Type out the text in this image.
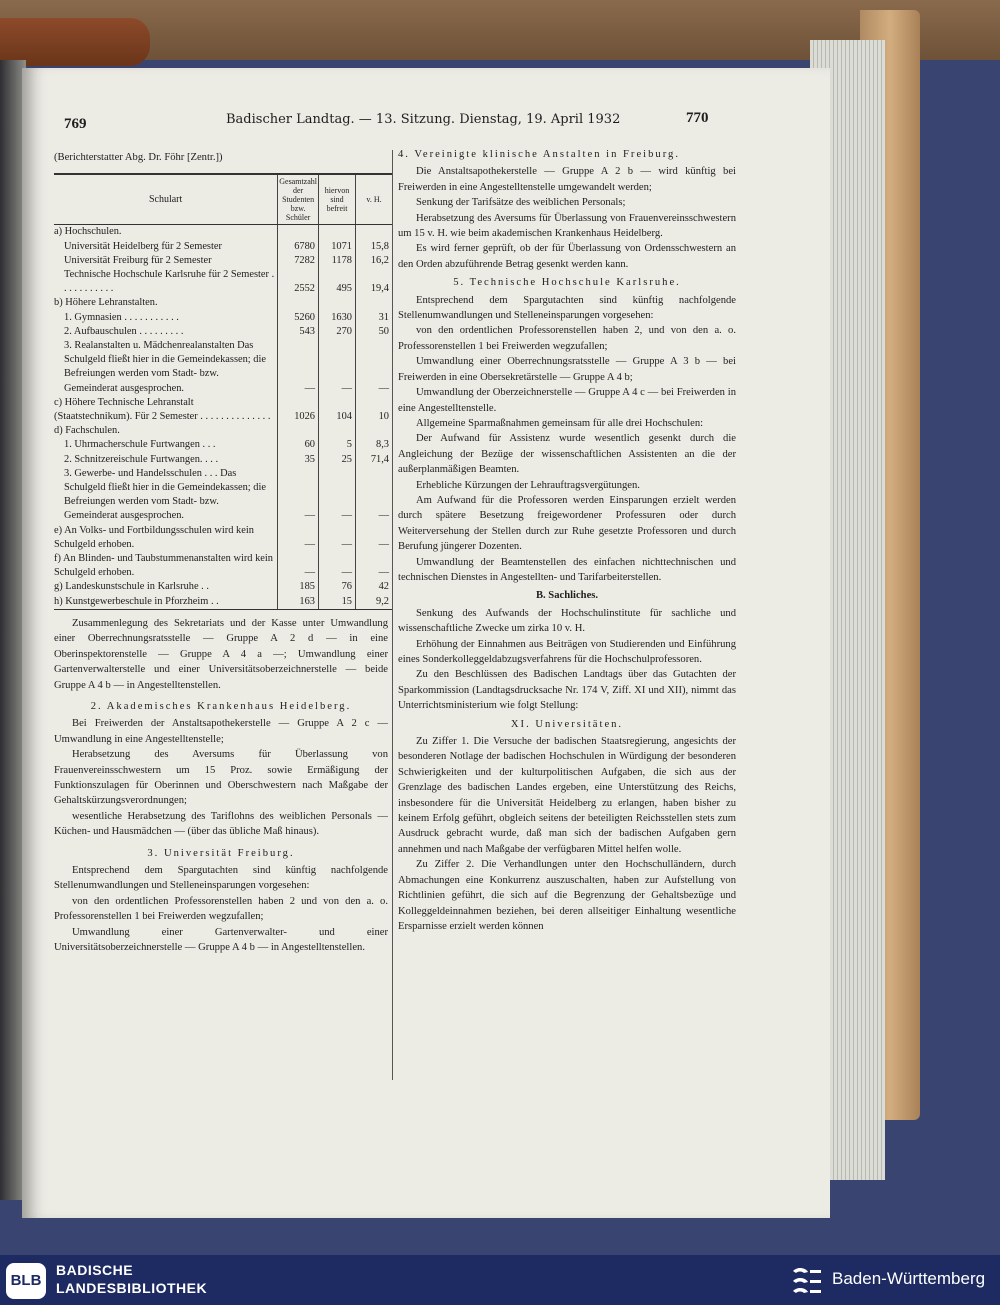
769	Badischer Landtag. — 13. Sitzung. Dienstag, 19. April 1932	770
(Berichterstatter Abg. Dr. Föhr [Zentr.])
Schulart	Gesamtzahl der Studenten bzw. Schüler	hiervon sind befreit	v. H.
a) Hochschulen.			
Universität Heidelberg für 2 Semester	6780	1071	15,8
Universität Freiburg für 2 Semester	7282	1178	16,2
Technische Hochschule Karlsruhe für 2 Semester . . . . . . . . . . .	2552	495	19,4
b) Höhere Lehranstalten.			
1. Gymnasien . . . . . . . . . . .	5260	1630	31
2. Aufbauschulen . . . . . . . . .	543	270	50
3. Realanstalten u. Mädchenrealanstalten Das Schulgeld fließt hier in die Gemeindekassen; die Befreiungen werden vom Stadt- bzw. Gemeinderat ausgesprochen.	—	—	—
c) Höhere Technische Lehranstalt (Staatstechnikum). Für 2 Semester . . . . . . . . . . . . . .	1026	104	10
d) Fachschulen.			
1. Uhrmacherschule Furtwangen . . .	60	5	8,3
2. Schnitzereischule Furtwangen. . . .	35	25	71,4
3. Gewerbe- und Handelsschulen . . . Das Schulgeld fließt hier in die Gemeindekassen; die Befreiungen werden vom Stadt- bzw. Gemeinderat ausgesprochen.	—	—	—
e) An Volks- und Fortbildungsschulen wird kein Schulgeld erhoben.	—	—	—
f) An Blinden- und Taubstummenanstalten wird kein Schulgeld erhoben.	—	—	—
g) Landeskunstschule in Karlsruhe . .	185	76	42
h) Kunstgewerbeschule in Pforzheim . .	163	15	9,2

Zusammenlegung des Sekretariats und der Kasse unter Umwandlung einer Oberrechnungsratsstelle — Gruppe A 2 d — in eine Oberinspektorenstelle — Gruppe A 4 a —; Umwandlung einer Gartenverwalterstelle und einer Universitätsoberzeichnerstelle — beide Gruppe A 4 b — in Angestelltenstellen.

2. Akademisches Krankenhaus Heidelberg.

Bei Freiwerden der Anstaltsapothekerstelle — Gruppe A 2 c — Umwandlung in eine Angestelltenstelle;

Herabsetzung des Aversums für Überlassung von Frauenvereinsschwestern um 15 Proz. sowie Ermäßigung der Funktionszulagen für Oberinnen und Oberschwestern nach Maßgabe der Gehaltskürzungsverordnungen;

wesentliche Herabsetzung des Tariflohns des weiblichen Personals — Küchen- und Hausmädchen — (über das übliche Maß hinaus).

3. Universität Freiburg.

Entsprechend dem Spargutachten sind künftig nachfolgende Stellenumwandlungen und Stelleneinsparungen vorgesehen:

von den ordentlichen Professorenstellen haben 2 und von den a. o. Professorenstellen 1 bei Freiwerden wegzufallen;

Umwandlung einer Gartenverwalter- und einer Universitätsoberzeichnerstelle — Gruppe A 4 b — in Angestelltenstellen.

4. Vereinigte klinische Anstalten in Freiburg.

Die Anstaltsapothekerstelle — Gruppe A 2 b — wird künftig bei Freiwerden in eine Angestelltenstelle umgewandelt werden;

Senkung der Tarifsätze des weiblichen Personals;

Herabsetzung des Aversums für Überlassung von Frauenvereinsschwestern um 15 v. H. wie beim akademischen Krankenhaus Heidelberg.

Es wird ferner geprüft, ob der für Überlassung von Ordensschwestern an den Orden abzuführende Betrag gesenkt werden kann.

5. Technische Hochschule Karlsruhe.

Entsprechend dem Spargutachten sind künftig nachfolgende Stellenumwandlungen und Stelleneinsparungen vorgesehen:

von den ordentlichen Professorenstellen haben 2, und von den a. o. Professorenstellen 1 bei Freiwerden wegzufallen;

Umwandlung einer Oberrechnungsratsstelle — Gruppe A 3 b — bei Freiwerden in eine Obersekretärstelle — Gruppe A 4 b;

Umwandlung der Oberzeichnerstelle — Gruppe A 4 c — bei Freiwerden in eine Angestelltenstelle.

Allgemeine Sparmaßnahmen gemeinsam für alle drei Hochschulen:

Der Aufwand für Assistenz wurde wesentlich gesenkt durch die Angleichung der Bezüge der wissenschaftlichen Assistenten an die der außerplanmäßigen Beamten.

Erhebliche Kürzungen der Lehrauftragsvergütungen.

Am Aufwand für die Professoren werden Einsparungen erzielt werden durch spätere Besetzung freigewordener Professuren oder durch Weiterversehung der Stellen durch zur Ruhe gesetzte Professoren und durch Berufung jüngerer Dozenten.

Umwandlung der Beamtenstellen des einfachen nichttechnischen und technischen Dienstes in Angestellten- und Tarifarbeiterstellen.

B. Sachliches.

Senkung des Aufwands der Hochschulinstitute für sachliche und wissenschaftliche Zwecke um zirka 10 v. H.

Erhöhung der Einnahmen aus Beiträgen von Studierenden und Einführung eines Sonderkolleggeldabzugsverfahrens für die Hochschulprofessoren.

Zu den Beschlüssen des Badischen Landtags über das Gutachten der Sparkommission (Landtagsdrucksache Nr. 174 V, Ziff. XI und XII), nimmt das Unterrichtsministerium wie folgt Stellung:

XI. Universitäten.

Zu Ziffer 1. Die Versuche der badischen Staatsregierung, angesichts der besonderen Notlage der badischen Hochschulen in Würdigung der besonderen Schwierigkeiten und der kulturpolitischen Aufgaben, die sich aus der Grenzlage des badischen Landes ergeben, eine Unterstützung des Reichs, insbesondere für die Universität Heidelberg zu erlangen, haben bisher zu keinem Erfolg geführt, obgleich seitens der beteiligten Reichsstellen stets zum Ausdruck gebracht wurde, daß man sich der badischen Aufgaben gern annehmen und nach Maßgabe der verfügbaren Mittel helfen wolle.

Zu Ziffer 2. Die Verhandlungen unter den Hochschulländern, durch Abmachungen eine Konkurrenz auszuschalten, haben zur Aufstellung von Richtlinien geführt, die sich auf die Begrenzung der Gehaltsbezüge und Kolleggeldeinnahmen beziehen, bei deren allseitiger Einhaltung wesentliche Ersparnisse erzielt werden können

BLB
BADISCHE
LANDESBIBLIOTHEK	Baden-Württemberg
